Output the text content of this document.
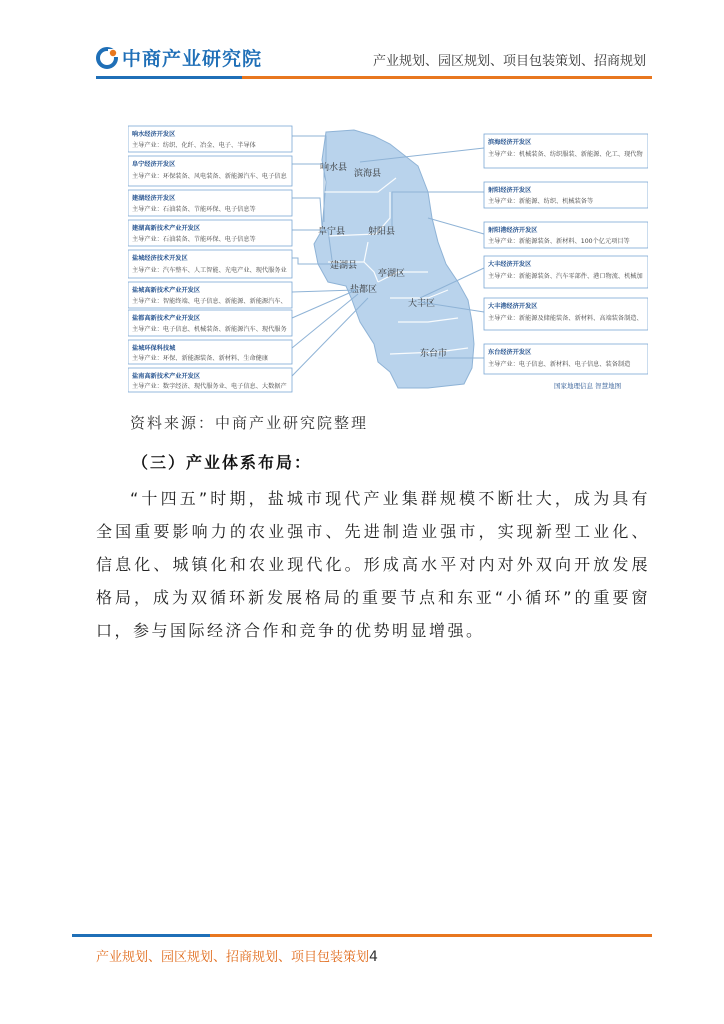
中商产业研究院	产业规划、园区规划、项目包装策划、招商规划
响水县
滨海县
阜宁县	射阳县
建湖县
亭湖区
盐都区
大丰区
东台市
响水经济开发区
主导产业：纺织、化纤、冶金、电子、半导体
阜宁经济开发区
主导产业：环保装备、风电装备、新能源汽车、电子信息
建湖经济开发区
主导产业：石油装备、节能环保、电子信息等
建湖高新技术产业开发区
主导产业：石油装备、节能环保、电子信息等
盐城经济技术开发区
主导产业：汽车整车、人工智能、光电产业、现代服务业
盐城高新技术产业开发区
主导产业：智能终端、电子信息、新能源、新能源汽车、
盐都高新技术产业开发区
主导产业：电子信息、机械装备、新能源汽车、现代服务
盐城环保科技城
主导产业：环保、新能源装备、新材料、生命健康
盐南高新技术产业开发区
主导产业：数字经济、现代服务业、电子信息、大数据产
滨海经济开发区
主导产业：机械装备、纺织服装、新能源、化工、现代物
射阳经济开发区
主导产业：新能源、纺织、机械装备等
射阳港经济开发区
主导产业：新能源装备、新材料、100个亿元项目等
大丰经济开发区
主导产业：新能源装备、汽车零部件、港口物流、机械加
大丰港经济开发区
主导产业：新能源及储能装备、新材料、高端装备制造、
东台经济开发区
主导产业：电子信息、新材料、电子信息、装备制造
国家地理信息 智慧地图
资料来源：中商产业研究院整理
（三）产业体系布局：

“十四五”时期，盐城市现代产业集群规模不断壮大，成为具有全国重要影响力的农业强市、先进制造业强市，实现新型工业化、信息化、城镇化和农业现代化。形成高水平对内对外双向开放发展格局，成为双循环新发展格局的重要节点和东亚“小循环”的重要窗口，参与国际经济合作和竞争的优势明显增强。

产业规划、园区规划、招商规划、项目包装策划4
